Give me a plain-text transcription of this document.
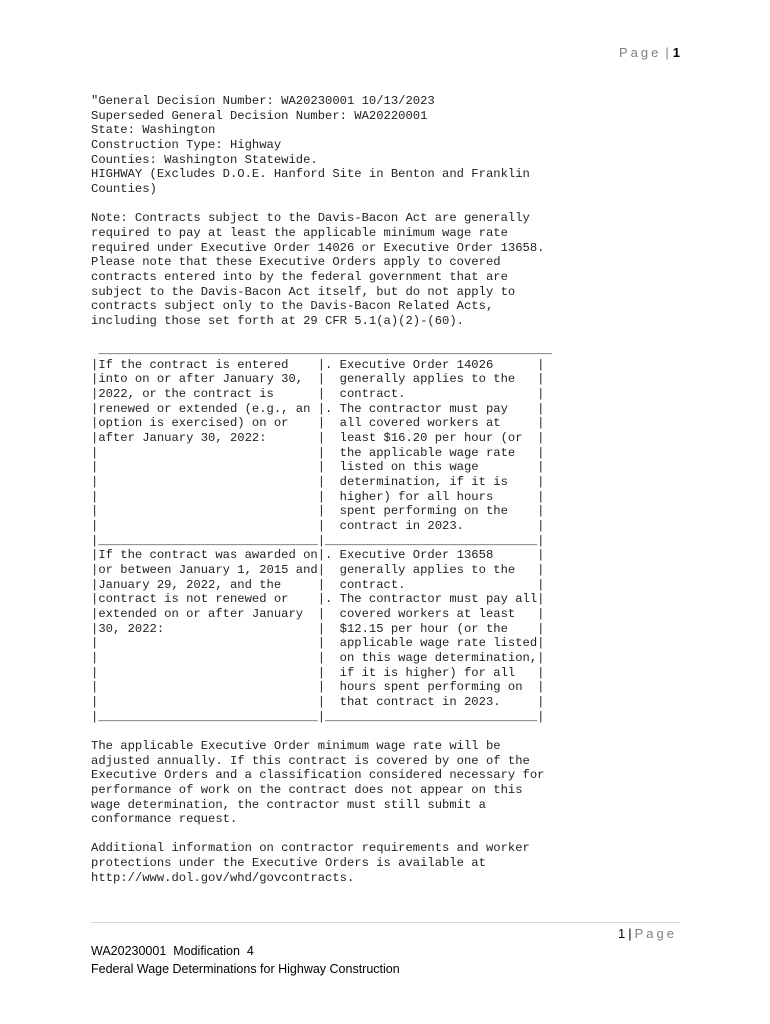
Page | 1
"General Decision Number: WA20230001 10/13/2023
Superseded General Decision Number: WA20220001
State: Washington
Construction Type: Highway
Counties: Washington Statewide.
HIGHWAY (Excludes D.O.E. Hanford Site in Benton and Franklin
Counties)

Note: Contracts subject to the Davis-Bacon Act are generally
required to pay at least the applicable minimum wage rate
required under Executive Order 14026 or Executive Order 13658.
Please note that these Executive Orders apply to covered
contracts entered into by the federal government that are
subject to the Davis-Bacon Act itself, but do not apply to
contracts subject only to the Davis-Bacon Related Acts,
including those set forth at 29 CFR 5.1(a)(2)-(60).

______________________________________________________________
|If the contract is entered    |. Executive Order 14026      |
|into on or after January 30,  |  generally applies to the   |
|2022, or the contract is      |  contract.                  |
|renewed or extended (e.g., an |. The contractor must pay    |
|option is exercised) on or    |  all covered workers at     |
|after January 30, 2022:       |  least $16.20 per hour (or  |
|                              |  the applicable wage rate   |
|                              |  listed on this wage        |
|                              |  determination, if it is    |
|                              |  higher) for all hours      |
|                              |  spent performing on the    |
|                              |  contract in 2023.          |
|______________________________|_____________________________|
|If the contract was awarded on|. Executive Order 13658      |
|or between January 1, 2015 and|  generally applies to the   |
|January 29, 2022, and the     |  contract.                  |
|contract is not renewed or    |. The contractor must pay all|
|extended on or after January  |  covered workers at least   |
|30, 2022:                     |  $12.15 per hour (or the    |
|                              |  applicable wage rate listed|
|                              |  on this wage determination,|
|                              |  if it is higher) for all   |
|                              |  hours spent performing on  |
|                              |  that contract in 2023.     |
|______________________________|_____________________________|

The applicable Executive Order minimum wage rate will be
adjusted annually. If this contract is covered by one of the
Executive Orders and a classification considered necessary for
performance of work on the contract does not appear on this
wage determination, the contractor must still submit a
conformance request.

Additional information on contractor requirements and worker
protections under the Executive Orders is available at
http://www.dol.gov/whd/govcontracts.
1 | Page
WA20230001  Modification  4
Federal Wage Determinations for Highway Construction
